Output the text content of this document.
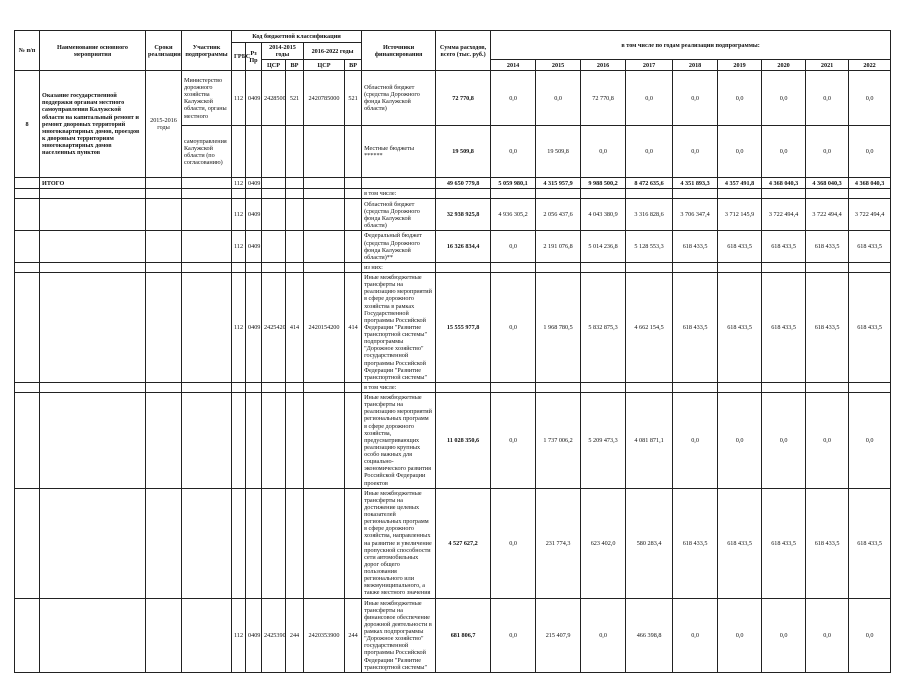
№ п/п	Наименование основного мероприятия	Сроки реализации	Участник подпрограммы	Код бюджетной классификации						Источники финансирования	Сумма расходов, всего (тыс. руб.)	в том числе по годам реализации подпрограммы:								
				ГРБС	Рз Пр	2014-2015 годы		2016-2022 годы												
						ЦСР	ВР	ЦСР	ВР			2014	2015	2016	2017	2018	2019	2020	2021	2022
8	Оказание государственной поддержки органам местного самоуправления Калужской области на капитальный ремонт и ремонт дворовых территорий многоквартирных домов, проездов к дворовым территориям многоквартирных домов населенных пунктов	2015-2016 годы	Министерство дорожного хозяйства Калужской области, органы местного	112	0409	2428500	521	2420785000	521	Областной бюджет (средства Дорожного фонда Калужской области)	72 770,8	0,0	0,0	72 770,8	0,0	0,0	0,0	0,0	0,0	0,0
			самоуправления Калужской области (по согласованию)							Местные бюджеты ******	19 509,8	0,0	19 509,8	0,0	0,0	0,0	0,0	0,0	0,0	0,0
	ИТОГО			112	0409						49 650 779,8	5 059 980,1	4 315 957,9	9 988 500,2	8 472 635,6	4 351 893,3	4 357 491,8	4 368 040,3	4 368 040,3	4 368 040,3
										в том числе:										
				112	0409					Областной бюджет (средства Дорожного фонда Калужской области)	32 938 925,8	4 936 305,2	2 056 437,6	4 043 380,9	3 316 828,6	3 706 347,4	3 712 145,9	3 722 494,4	3 722 494,4	3 722 494,4
				112	0409					Федеральный бюджет (средства Дорожного фонда Калужской области)**	16 326 834,4	0,0	2 191 076,8	5 014 236,8	5 128 553,3	618 433,5	618 433,5	618 433,5	618 433,5	618 433,5
										из них:										
				112	0409	2425420	414	2420154200	414	Иные межбюджетные трансферты на реализацию мероприятий в сфере дорожного хозяйства в рамках Государственной программы Российской Федерации "Развитие транспортной системы" подпрограммы "Дорожное хозяйство" государственной программы Российской Федерации "Развитие транспортной системы"	15 555 977,8	0,0	1 968 780,5	5 832 875,3	4 662 154,5	618 433,5	618 433,5	618 433,5	618 433,5	618 433,5
										в том числе:										
										Иные межбюджетные трансферты на реализацию мероприятий региональных программ в сфере дорожного хозяйства, предусматривающих реализацию крупных особо важных для социально-экономического развития Российской Федерации проектов	11 028 350,6	0,0	1 737 006,2	5 209 473,3	4 081 871,1	0,0	0,0	0,0	0,0	0,0
										Иные межбюджетные трансферты на достижение целевых показателей региональных программ в сфере дорожного хозяйства, направленных на развитие и увеличение пропускной способности сети автомобильных дорог общего пользования регионального или межмуниципального, а также местного значения	4 527 627,2	0,0	231 774,3	623 402,0	580 283,4	618 433,5	618 433,5	618 433,5	618 433,5	618 433,5
				112	0409	2425390	244	2420353900	244	Иные межбюджетные трансферты на финансовое обеспечение дорожной деятельности в рамках подпрограммы "Дорожное хозяйство" государственной программы Российской Федерации "Развитие транспортной системы"	681 806,7	0,0	215 407,9	0,0	466 398,8	0,0	0,0	0,0	0,0	0,0
